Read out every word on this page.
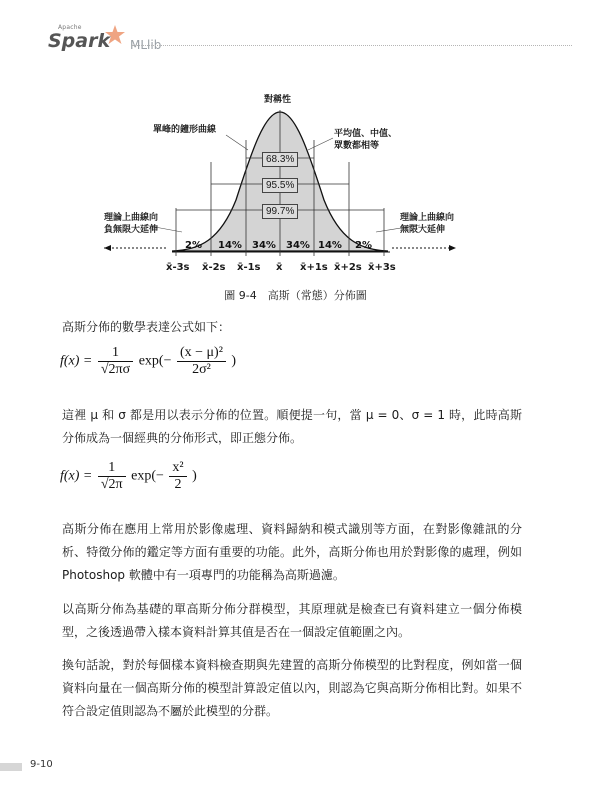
Apache
Spark MLlib
對稱性
單峰的鐘形曲線	平均值、中值、
眾數都相等
理論上曲線向
負無限大延伸
理論上曲線向
無限大延伸
68.3%
95.5%
99.7%
2% 14% 34% 34% 14% 2%
x̄-3s x̄-2s x̄-1s x̄ x̄+1s x̄+2s x̄+3s
圖 9-4　高斯（常態）分佈圖
高斯分佈的數學表達公式如下：
$f(x) = \frac{1}{√2\pi\sigma} \exp(- \frac{\text{(x − μ)²}}{\text{2σ²}}$ )
這裡 μ 和 σ 都是用以表示分佈的位置。順便提一句，當 μ = 0、σ = 1 時，此時高斯分佈成為一個經典的分佈形式，即正態分佈。
$f(x) = \frac{1}{√2\pi} \exp(- \frac{\text{x²}}{2}$ )
高斯分佈在應用上常用於影像處理、資料歸納和模式識別等方面，在對影像雜訊的分析、特徵分佈的鑑定等方面有重要的功能。此外，高斯分佈也用於對影像的處理，例如 Photoshop 軟體中有一項專門的功能稱為高斯過濾。
以高斯分佈為基礎的單高斯分佈分群模型，其原理就是檢查已有資料建立一個分佈模型，之後透過帶入樣本資料計算其值是否在一個設定值範圍之內。
換句話說，對於每個樣本資料檢查期與先建置的高斯分佈模型的比對程度，例如當一個資料向量在一個高斯分佈的模型計算設定值以內，則認為它與高斯分佈相比對。如果不符合設定值則認為不屬於此模型的分群。
9-10
